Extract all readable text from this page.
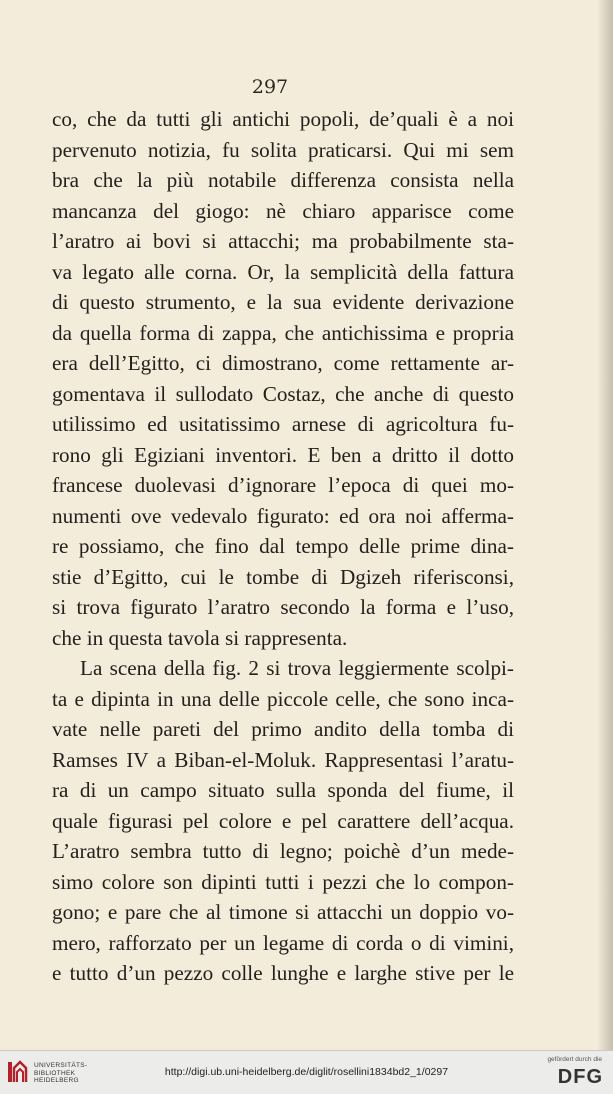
297
co, che da tutti gli antichi popoli, de’quali è a noi
pervenuto notizia, fu solita praticarsi. Qui mi sem
bra che la più notabile differenza consista nella
mancanza del giogo: nè chiaro apparisce come
l’aratro ai bovi si attacchi; ma probabilmente sta-
va legato alle corna. Or, la semplicità della fattura
di questo strumento, e la sua evidente derivazione
da quella forma di zappa, che antichissima e propria
era dell’Egitto, ci dimostrano, come rettamente ar-
gomentava il sullodato Costaz, che anche di questo
utilissimo ed usitatissimo arnese di agricoltura fu-
rono gli Egiziani inventori. E ben a dritto il dotto
francese duolevasi d’ignorare l’epoca di quei mo-
numenti ove vedevalo figurato: ed ora noi afferma-
re possiamo, che fino dal tempo delle prime dina-
stie d’Egitto, cui le tombe di Dgizeh riferisconsi,
si trova figurato l’aratro secondo la forma e l’uso,
che in questa tavola si rappresenta.
La scena della fig. 2 si trova leggiermente scolpi-
ta e dipinta in una delle piccole celle, che sono inca-
vate nelle pareti del primo andito della tomba di
Ramses IV a Biban-el-Moluk. Rappresentasi l’aratu-
ra di un campo situato sulla sponda del fiume, il
quale figurasi pel colore e pel carattere dell’acqua.
L’aratro sembra tutto di legno; poichè d’un mede-
simo colore son dipinti tutti i pezzi che lo compon-
gono; e pare che al timone si attacchi un doppio vo-
mero, rafforzato per un legame di corda o di vimini,
e tutto d’un pezzo colle lunghe e larghe stive per le
UNIVERSITÄTS-
BIBLIOTHEK
HEIDELBERG
http://digi.ub.uni-heidelberg.de/diglit/rosellini1834bd2_1/0297
gefördert durch die
DFG
